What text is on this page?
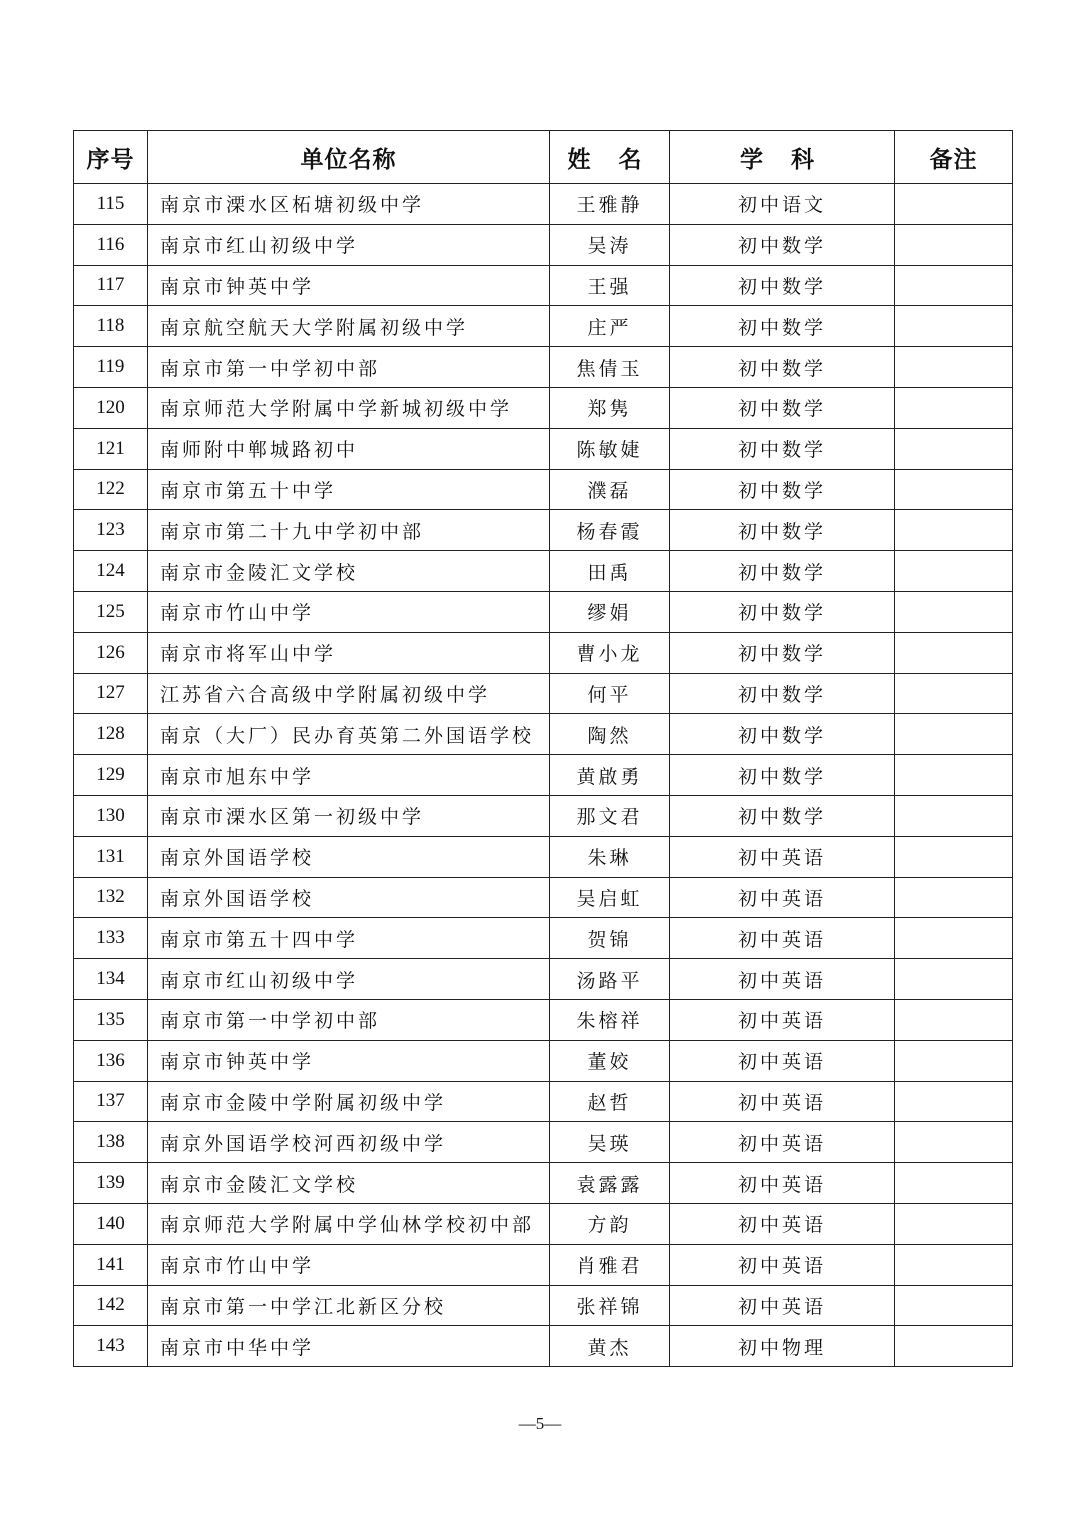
序号	单位名称	姓 名	学 科	备注
115	南京市溧水区柘塘初级中学	王雅静	初中语文	
116	南京市红山初级中学	吴涛	初中数学	
117	南京市钟英中学	王强	初中数学	
118	南京航空航天大学附属初级中学	庄严	初中数学	
119	南京市第一中学初中部	焦倩玉	初中数学	
120	南京师范大学附属中学新城初级中学	郑隽	初中数学	
121	南师附中郸城路初中	陈敏婕	初中数学	
122	南京市第五十中学	濮磊	初中数学	
123	南京市第二十九中学初中部	杨春霞	初中数学	
124	南京市金陵汇文学校	田禹	初中数学	
125	南京市竹山中学	缪娟	初中数学	
126	南京市将军山中学	曹小龙	初中数学	
127	江苏省六合高级中学附属初级中学	何平	初中数学	
128	南京（大厂）民办育英第二外国语学校	陶然	初中数学	
129	南京市旭东中学	黄啟勇	初中数学	
130	南京市溧水区第一初级中学	那文君	初中数学	
131	南京外国语学校	朱琳	初中英语	
132	南京外国语学校	吴启虹	初中英语	
133	南京市第五十四中学	贺锦	初中英语	
134	南京市红山初级中学	汤路平	初中英语	
135	南京市第一中学初中部	朱榕祥	初中英语	
136	南京市钟英中学	董姣	初中英语	
137	南京市金陵中学附属初级中学	赵哲	初中英语	
138	南京外国语学校河西初级中学	吴瑛	初中英语	
139	南京市金陵汇文学校	袁露露	初中英语	
140	南京师范大学附属中学仙林学校初中部	方韵	初中英语	
141	南京市竹山中学	肖雅君	初中英语	
142	南京市第一中学江北新区分校	张祥锦	初中英语	
143	南京市中华中学	黄杰	初中物理	
—5—
